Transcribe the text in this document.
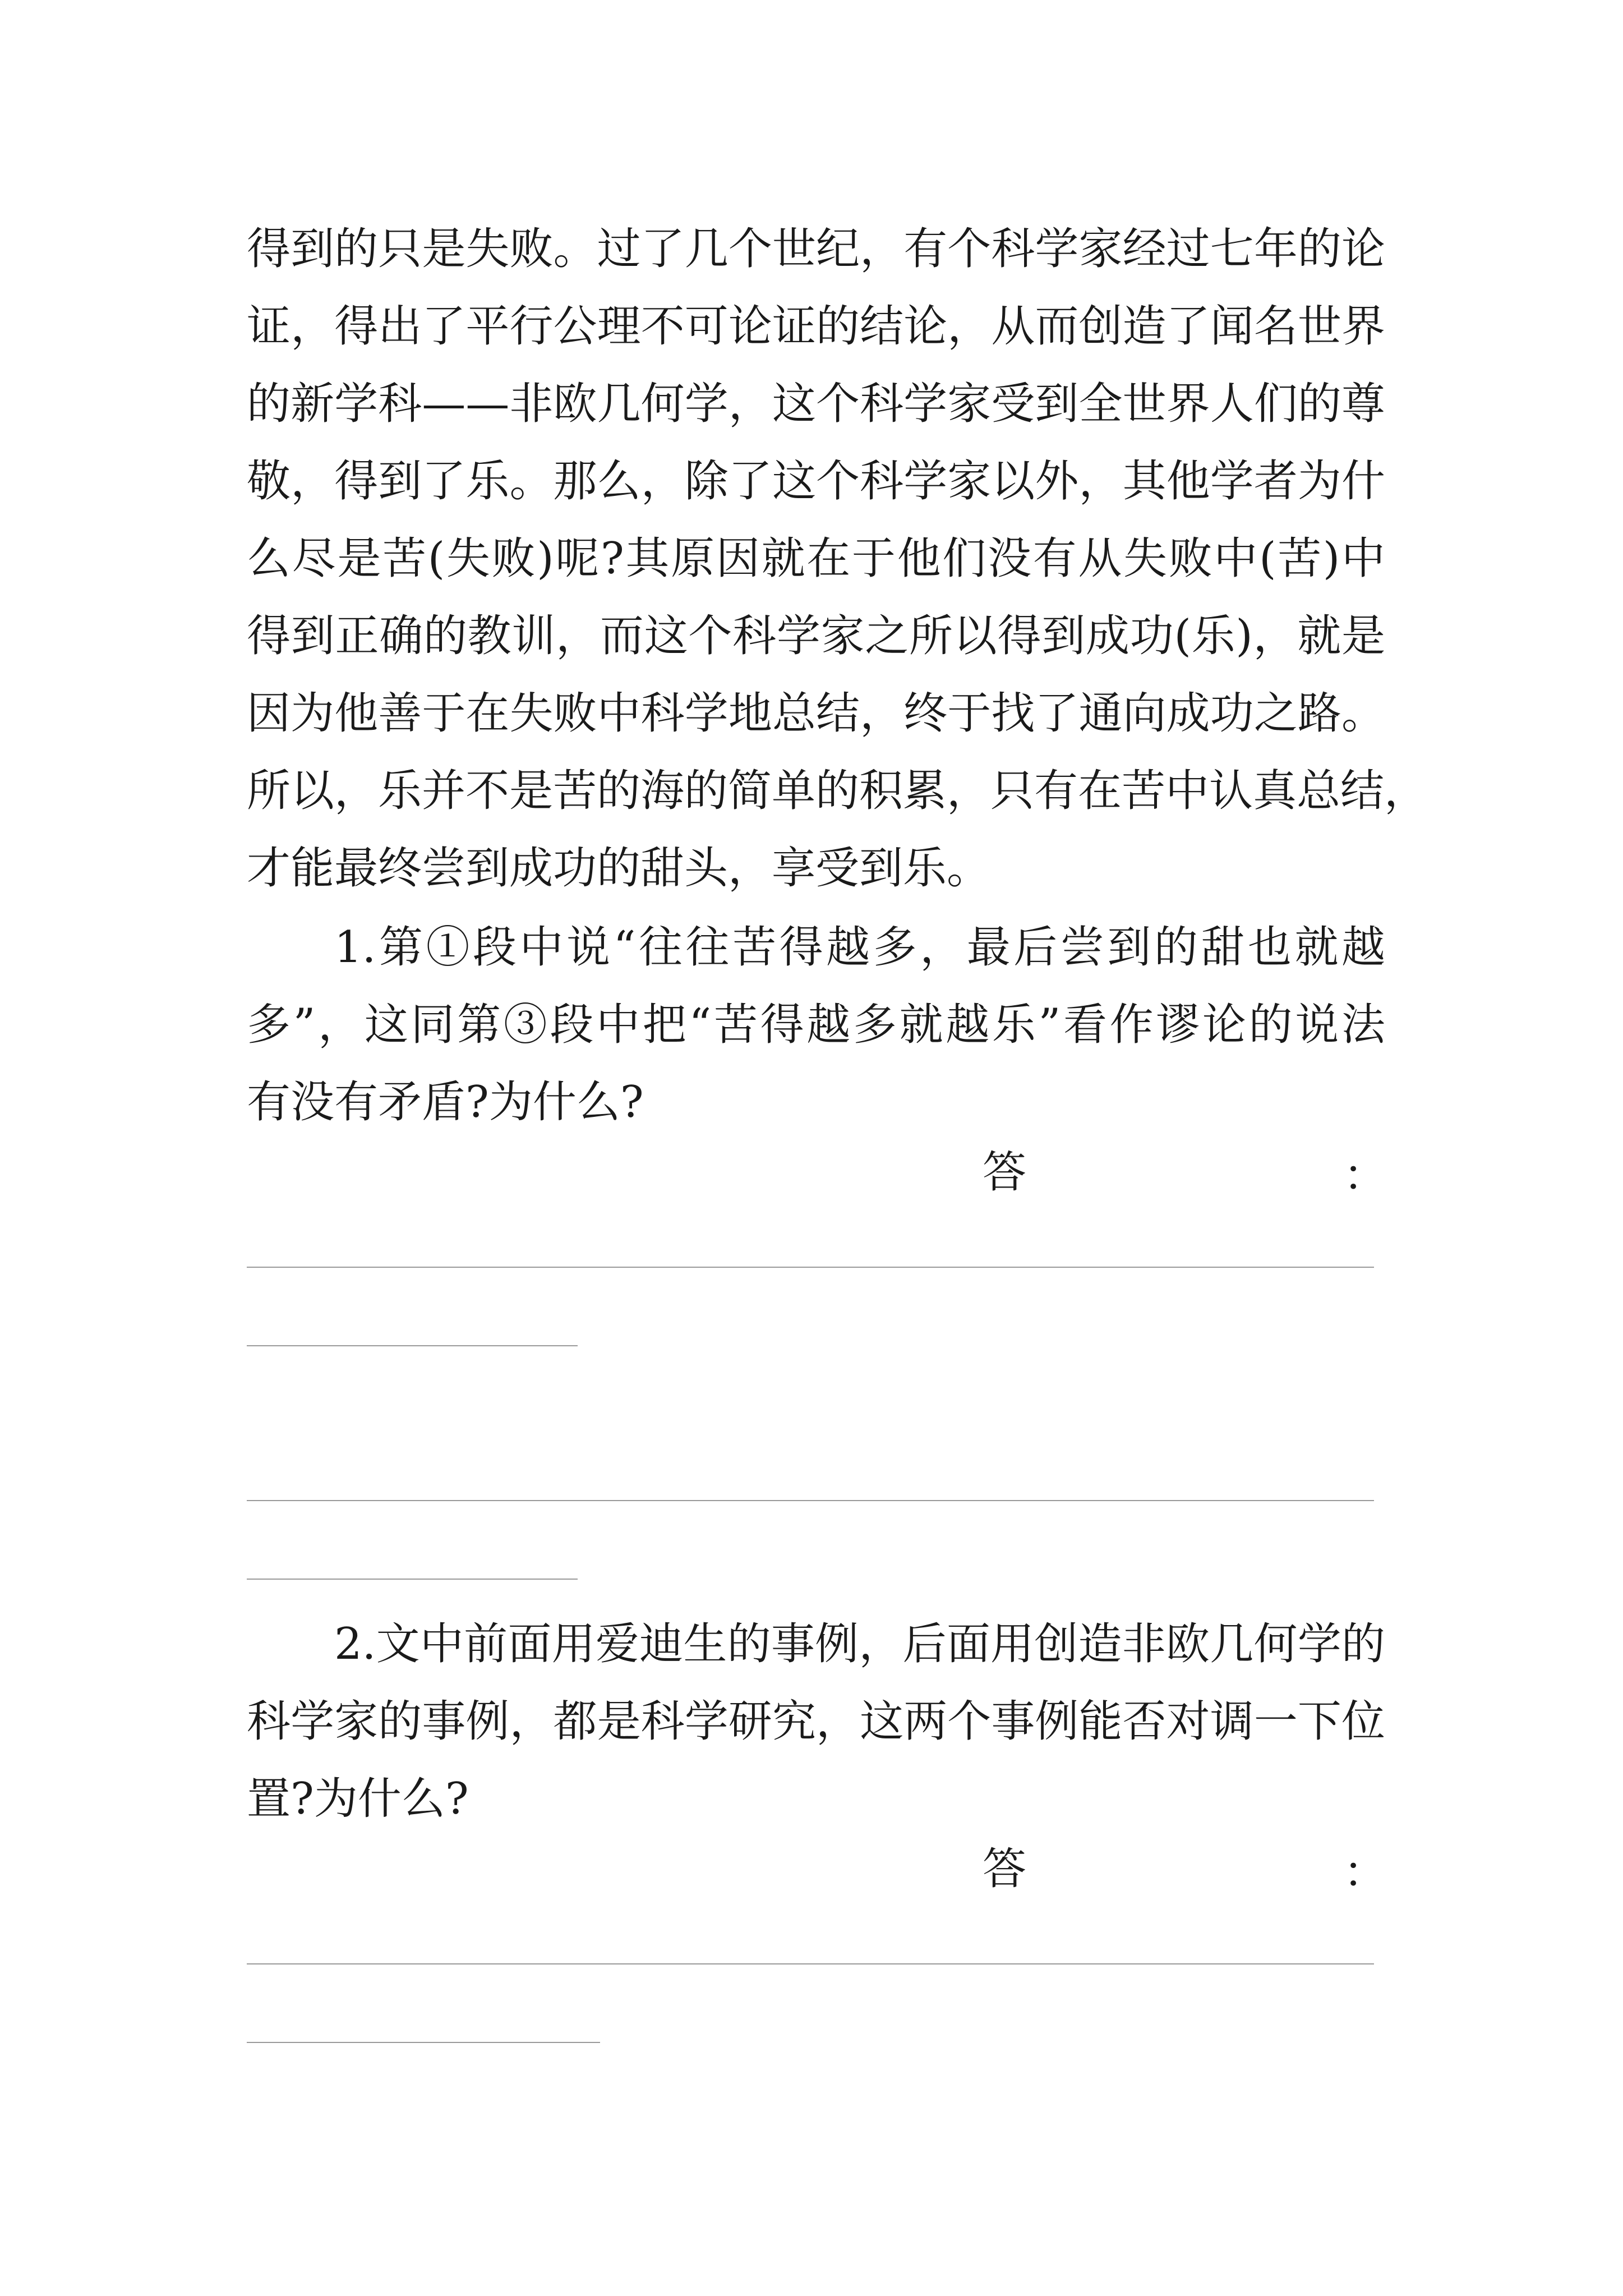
得到的只是失败。过了几个世纪，有个科学家经过七年的论
证，得出了平行公理不可论证的结论，从而创造了闻名世界
的新学科——非欧几何学，这个科学家受到全世界人们的尊
敬，得到了乐。那么，除了这个科学家以外，其他学者为什
么尽是苦(失败)呢?其原因就在于他们没有从失败中(苦)中
得到正确的教训，而这个科学家之所以得到成功(乐)，就是
因为他善于在失败中科学地总结，终于找了通向成功之路。
所以，乐并不是苦的海的简单的积累，只有在苦中认真总结，
才能最终尝到成功的甜头，享受到乐。
1.第①段中说“往往苦得越多，最后尝到的甜也就越
多”，这同第③段中把“苦得越多就越乐”看作谬论的说法
有没有矛盾?为什么?
答	：
2.文中前面用爱迪生的事例，后面用创造非欧几何学的
科学家的事例，都是科学研究，这两个事例能否对调一下位
置?为什么?
答	：
